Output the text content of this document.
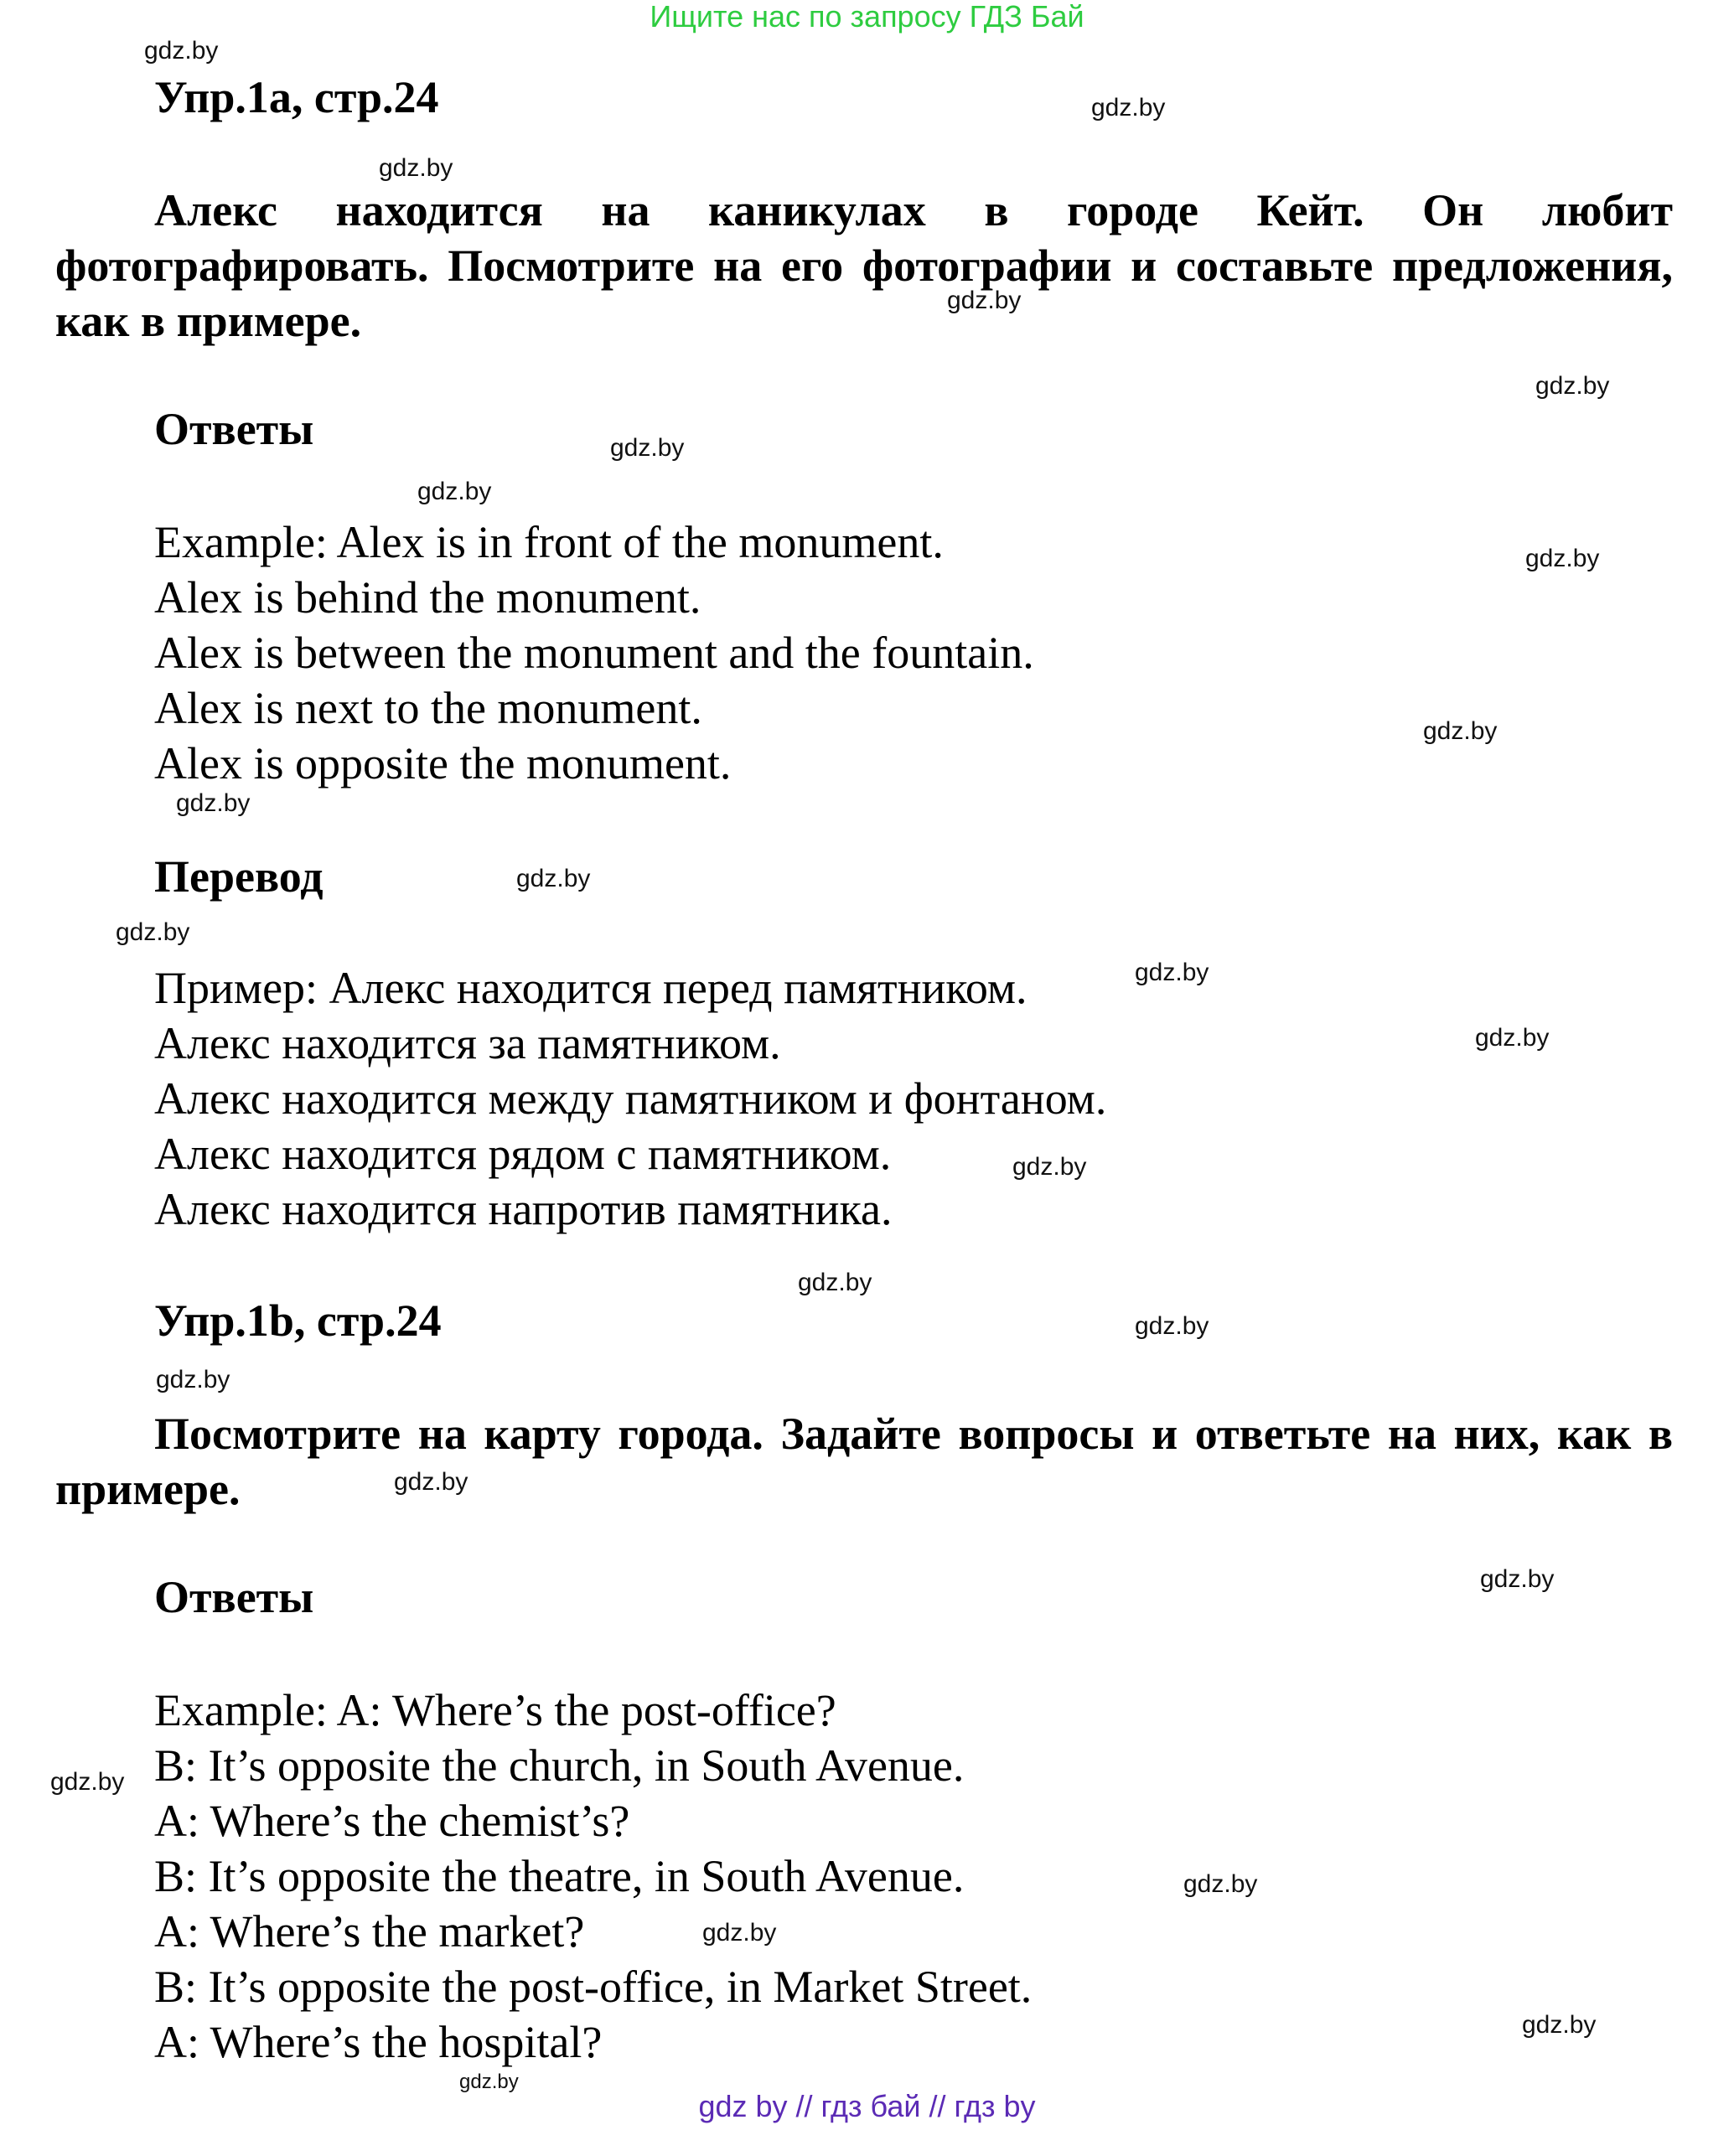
Ищите нас по запросу ГДЗ Бай
gdz.by
gdz.by
gdz.by
gdz.by
gdz.by
gdz.by
gdz.by
gdz.by
gdz.by
gdz.by
gdz.by
gdz.by
gdz.by
gdz.by
gdz.by
gdz.by
gdz.by
gdz.by
gdz.by
gdz.by
gdz.by
gdz.by
gdz.by
gdz.by
gdz.by
Упр.1a, стр.24
Алекс находится на каникулах в городе Кейт. Он любит фотографировать. Посмотрите на его фотографии и составьте предложения, как в примере.
Ответы
Example: Alex is in front of the monument.
Alex is behind the monument.
Alex is between the monument and the fountain.
Alex is next to the monument.
Alex is opposite the monument.
Перевод
Пример: Алекс находится перед памятником.
Алекс находится за памятником.
Алекс находится между памятником и фонтаном.
Алекс находится рядом с памятником.
Алекс находится напротив памятника.
Упр.1b, стр.24
Посмотрите на карту города. Задайте вопросы и ответьте на них, как в примере.
Ответы
Example: A: Where’s the post-office?
B: It’s opposite the church, in South Avenue.
A: Where’s the chemist’s?
B: It’s opposite the theatre, in South Avenue.
A: Where’s the market?
B: It’s opposite the post-office, in Market Street.
A: Where’s the hospital?
gdz by // гдз бай // гдз by
